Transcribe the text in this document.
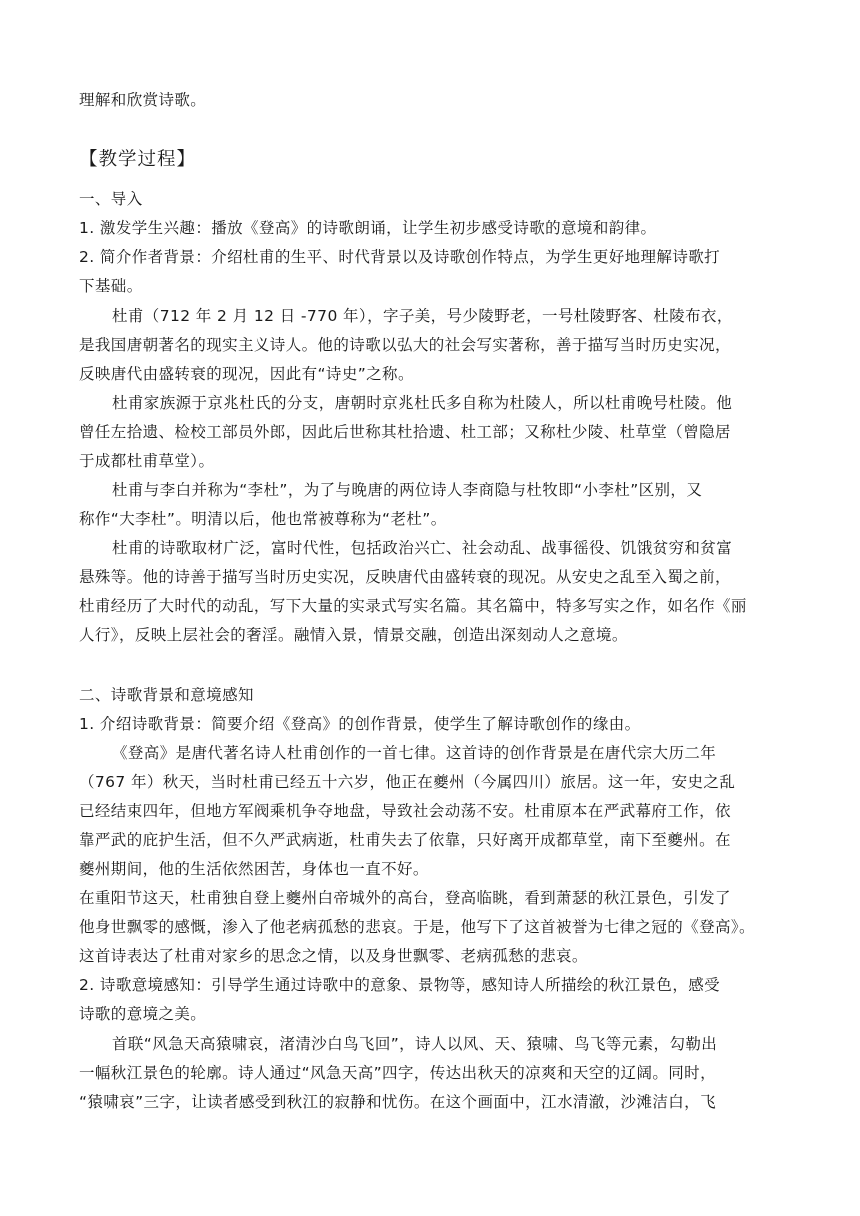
理解和欣赏诗歌。
【教学过程】
一、导入
1. 激发学生兴趣：播放《登高》的诗歌朗诵，让学生初步感受诗歌的意境和韵律。
2. 简介作者背景：介绍杜甫的生平、时代背景以及诗歌创作特点，为学生更好地理解诗歌打
下基础。
杜甫（712 年 2 月 12 日 -770 年），字子美，号少陵野老，一号杜陵野客、杜陵布衣，
是我国唐朝著名的现实主义诗人。他的诗歌以弘大的社会写实著称，善于描写当时历史实况，
反映唐代由盛转衰的现况，因此有“诗史”之称。
杜甫家族源于京兆杜氏的分支，唐朝时京兆杜氏多自称为杜陵人，所以杜甫晚号杜陵。他
曾任左拾遗、检校工部员外郎，因此后世称其杜拾遗、杜工部；又称杜少陵、杜草堂（曾隐居
于成都杜甫草堂）。
杜甫与李白并称为“李杜”，为了与晚唐的两位诗人李商隐与杜牧即“小李杜”区别，又
称作“大李杜”。明清以后，他也常被尊称为“老杜”。
杜甫的诗歌取材广泛，富时代性，包括政治兴亡、社会动乱、战事徭役、饥饿贫穷和贫富
悬殊等。他的诗善于描写当时历史实况，反映唐代由盛转衰的现况。从安史之乱至入蜀之前，
杜甫经历了大时代的动乱，写下大量的实录式写实名篇。其名篇中，特多写实之作，如名作《丽
人行》，反映上层社会的奢淫。融情入景，情景交融，创造出深刻动人之意境。
二、诗歌背景和意境感知
1. 介绍诗歌背景：简要介绍《登高》的创作背景，使学生了解诗歌创作的缘由。
《登高》是唐代著名诗人杜甫创作的一首七律。这首诗的创作背景是在唐代宗大历二年
（767 年）秋天，当时杜甫已经五十六岁，他正在夔州（今属四川）旅居。这一年，安史之乱
已经结束四年，但地方军阀乘机争夺地盘，导致社会动荡不安。杜甫原本在严武幕府工作，依
靠严武的庇护生活，但不久严武病逝，杜甫失去了依靠，只好离开成都草堂，南下至夔州。在
夔州期间，他的生活依然困苦，身体也一直不好。
在重阳节这天，杜甫独自登上夔州白帝城外的高台，登高临眺，看到萧瑟的秋江景色，引发了
他身世飘零的感慨，渗入了他老病孤愁的悲哀。于是，他写下了这首被誉为七律之冠的《登高》。
这首诗表达了杜甫对家乡的思念之情，以及身世飘零、老病孤愁的悲哀。
2. 诗歌意境感知：引导学生通过诗歌中的意象、景物等，感知诗人所描绘的秋江景色，感受
诗歌的意境之美。
首联“风急天高猿啸哀，渚清沙白鸟飞回”，诗人以风、天、猿啸、鸟飞等元素，勾勒出
一幅秋江景色的轮廓。诗人通过“风急天高”四字，传达出秋天的凉爽和天空的辽阔。同时，
“猿啸哀”三字，让读者感受到秋江的寂静和忧伤。在这个画面中，江水清澈，沙滩洁白，飞
